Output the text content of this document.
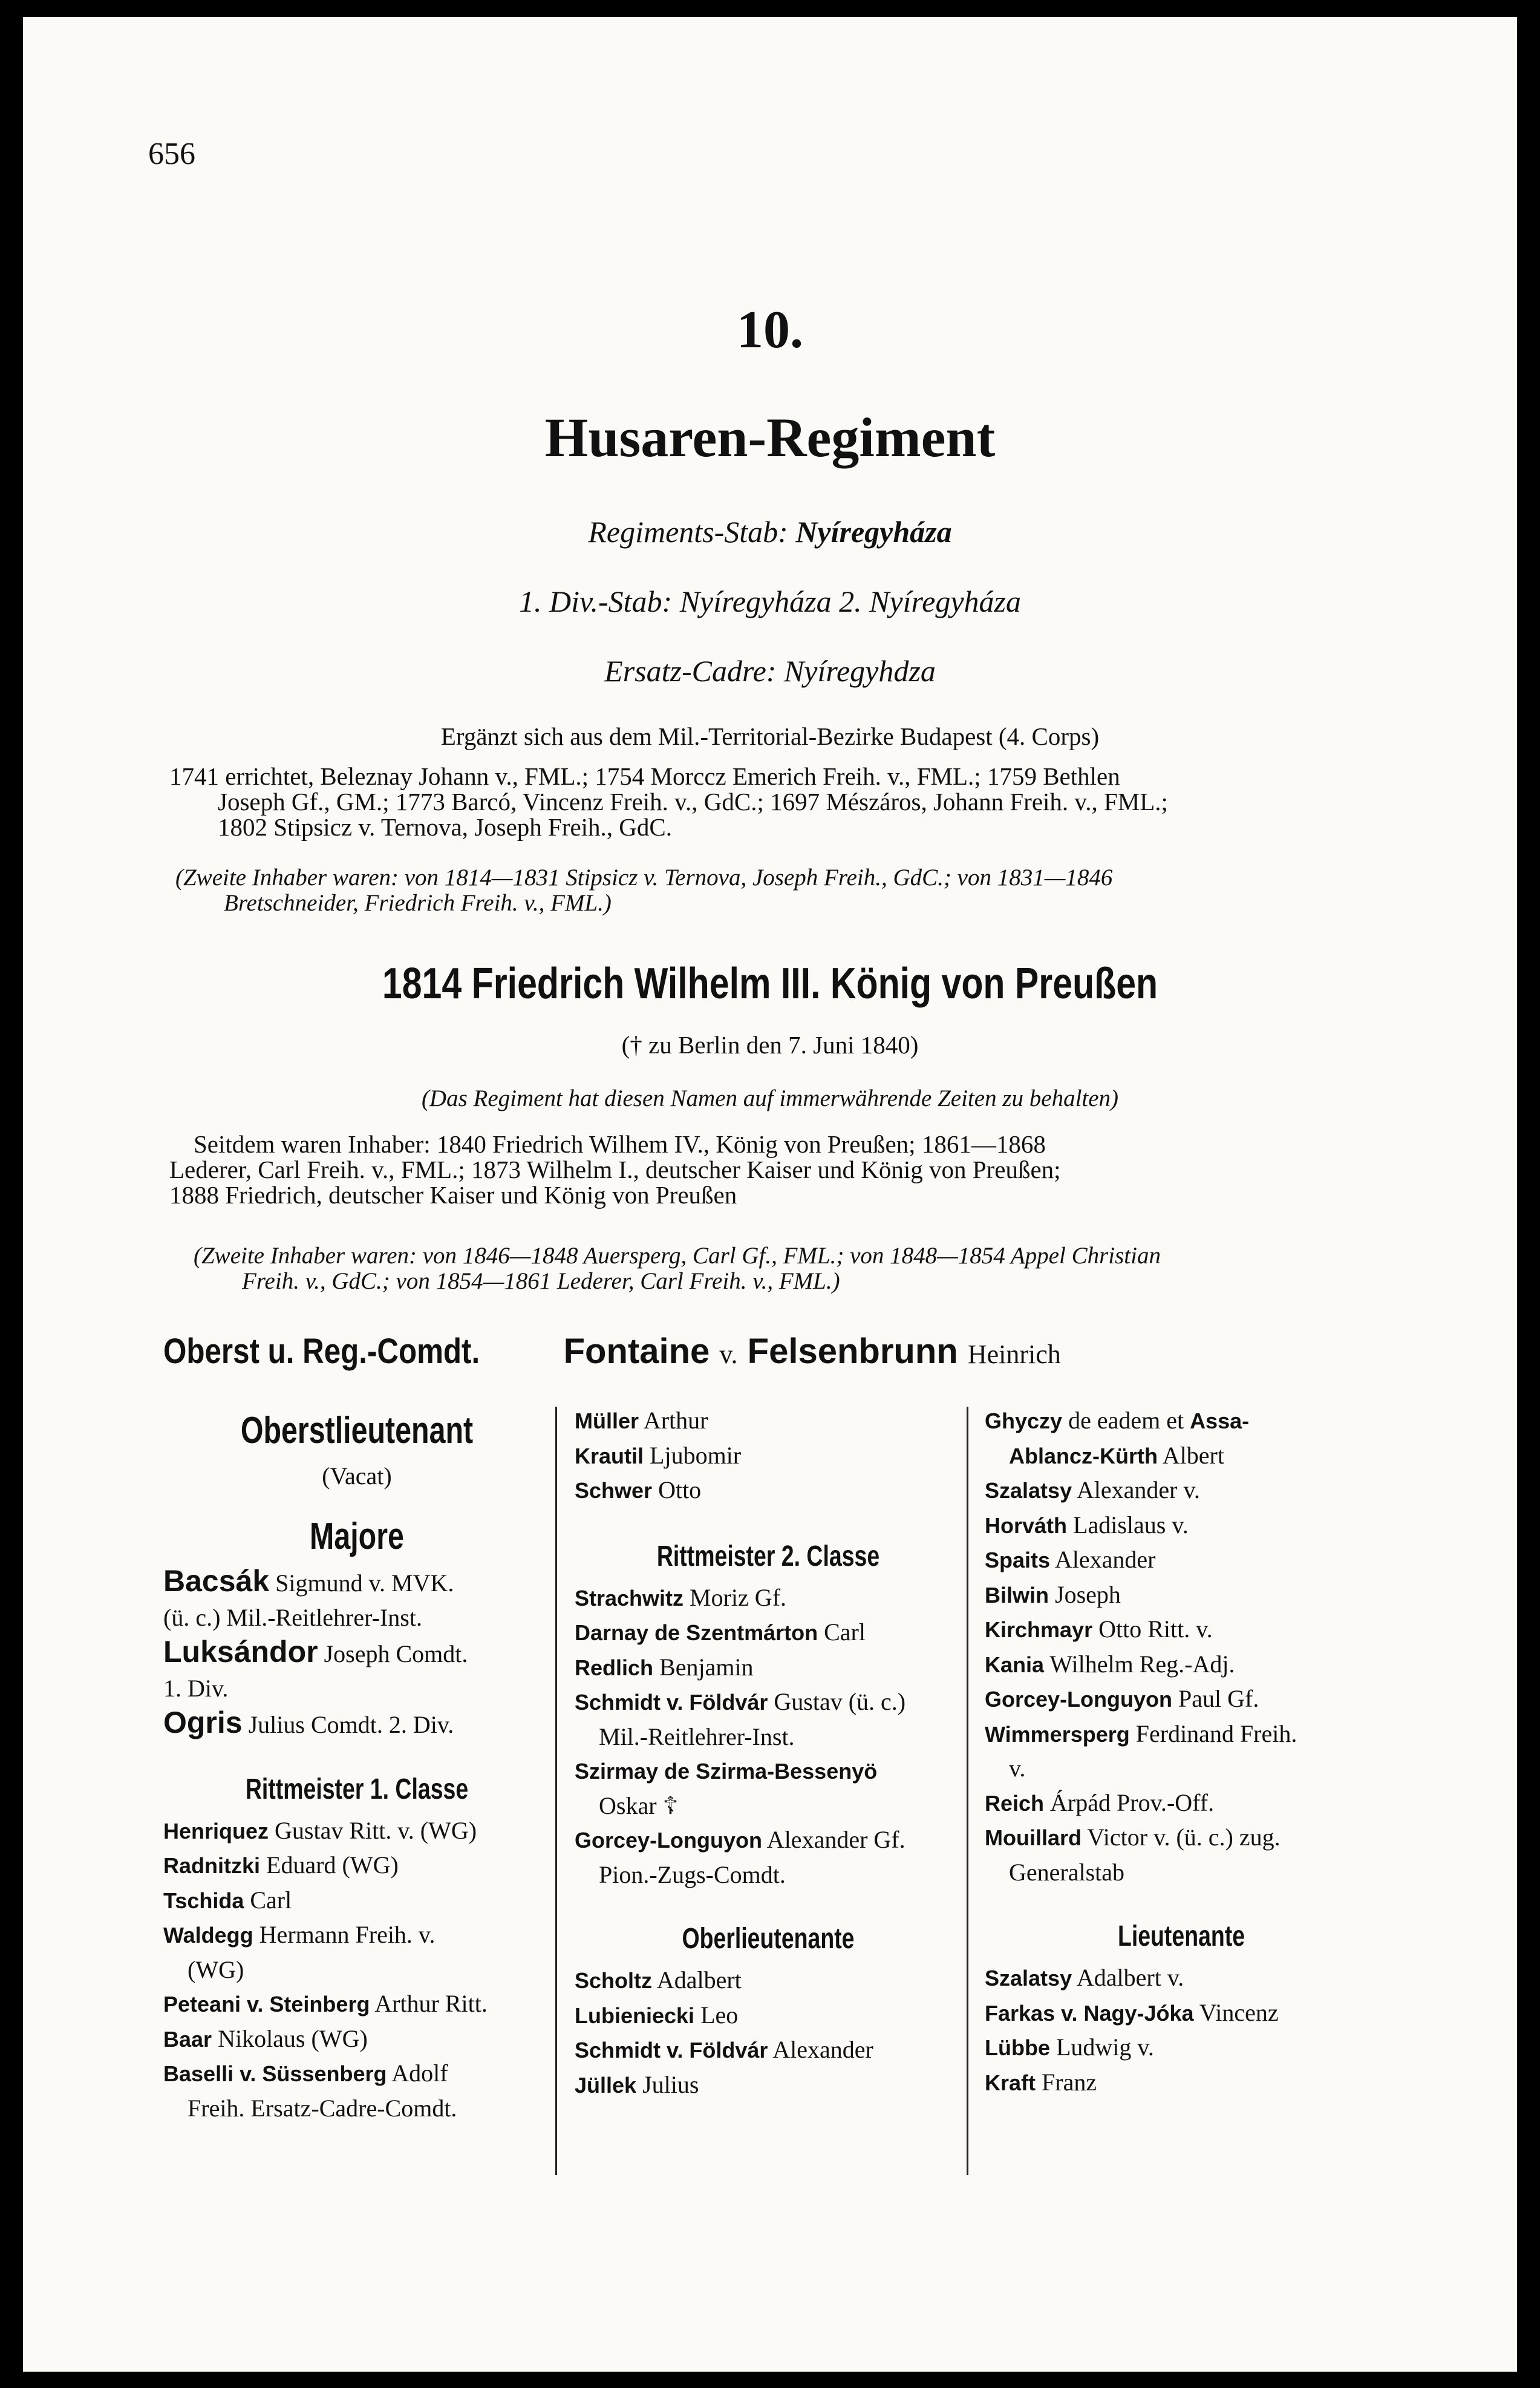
656
10.
Husaren-Regiment
Regiments-Stab: Nyíregyháza
1. Div.-Stab: Nyíregyháza 2. Nyíregyháza
Ersatz-Cadre: Nyíregyhdza
Ergänzt sich aus dem Mil.-Territorial-Bezirke Budapest (4. Corps)
1741 errichtet, Beleznay Johann v., FML.; 1754 Morccz Emerich Freih. v., FML.; 1759 Bethlen
Joseph Gf., GM.; 1773 Barcó, Vincenz Freih. v., GdC.; 1697 Mészáros, Johann Freih. v., FML.;
1802 Stipsicz v. Ternova, Joseph Freih., GdC.
(Zweite Inhaber waren: von 1814—1831 Stipsicz v. Ternova, Joseph Freih., GdC.; von 1831—1846
Bretschneider, Friedrich Freih. v., FML.)
1814 Friedrich Wilhelm III. König von Preußen
(† zu Berlin den 7. Juni 1840)
(Das Regiment hat diesen Namen auf immerwährende Zeiten zu behalten)
Seitdem waren Inhaber: 1840 Friedrich Wilhem IV., König von Preußen; 1861—1868
Lederer, Carl Freih. v., FML.; 1873 Wilhelm I., deutscher Kaiser und König von Preußen;
1888 Friedrich, deutscher Kaiser und König von Preußen
(Zweite Inhaber waren: von 1846—1848 Auersperg, Carl Gf., FML.; von 1848—1854 Appel Christian
Freih. v., GdC.; von 1854—1861 Lederer, Carl Freih. v., FML.)
Oberst u. Reg.-Comdt. Fontaine v. Felsenbrunn Heinrich
Oberstlieutenant
(Vacat)
Majore
Bacsák Sigmund v. MVK.
(ü. c.) Mil.-Reitlehrer-Inst.
Luksándor Joseph Comdt.
1. Div.
Ogris Julius Comdt. 2. Div.
Rittmeister 1. Classe
Henriquez Gustav Ritt. v. (WG)
Radnitzki Eduard (WG)
Tschida Carl
Waldegg Hermann Freih. v.
(WG)
Peteani v. Steinberg Arthur Ritt.
Baar Nikolaus (WG)
Baselli v. Süssenberg Adolf
Freih. Ersatz-Cadre-Comdt.
Müller Arthur
Krautil Ljubomir
Schwer Otto
Rittmeister 2. Classe
Strachwitz Moriz Gf.
Darnay de Szentmárton Carl
Redlich Benjamin
Schmidt v. Földvár Gustav (ü. c.)
Mil.-Reitlehrer-Inst.
Szirmay de Szirma-Bessenyö
Oskar ☦
Gorcey-Longuyon Alexander Gf.
Pion.-Zugs-Comdt.
Oberlieutenante
Scholtz Adalbert
Lubieniecki Leo
Schmidt v. Földvár Alexander
Jüllek Julius
Ghyczy de eadem et Assa-
Ablancz-Kürth Albert
Szalatsy Alexander v.
Horváth Ladislaus v.
Spaits Alexander
Bilwin Joseph
Kirchmayr Otto Ritt. v.
Kania Wilhelm Reg.-Adj.
Gorcey-Longuyon Paul Gf.
Wimmersperg Ferdinand Freih.
v.
Reich Árpád Prov.-Off.
Mouillard Victor v. (ü. c.) zug.
Generalstab
Lieutenante
Szalatsy Adalbert v.
Farkas v. Nagy-Jóka Vincenz
Lübbe Ludwig v.
Kraft Franz
